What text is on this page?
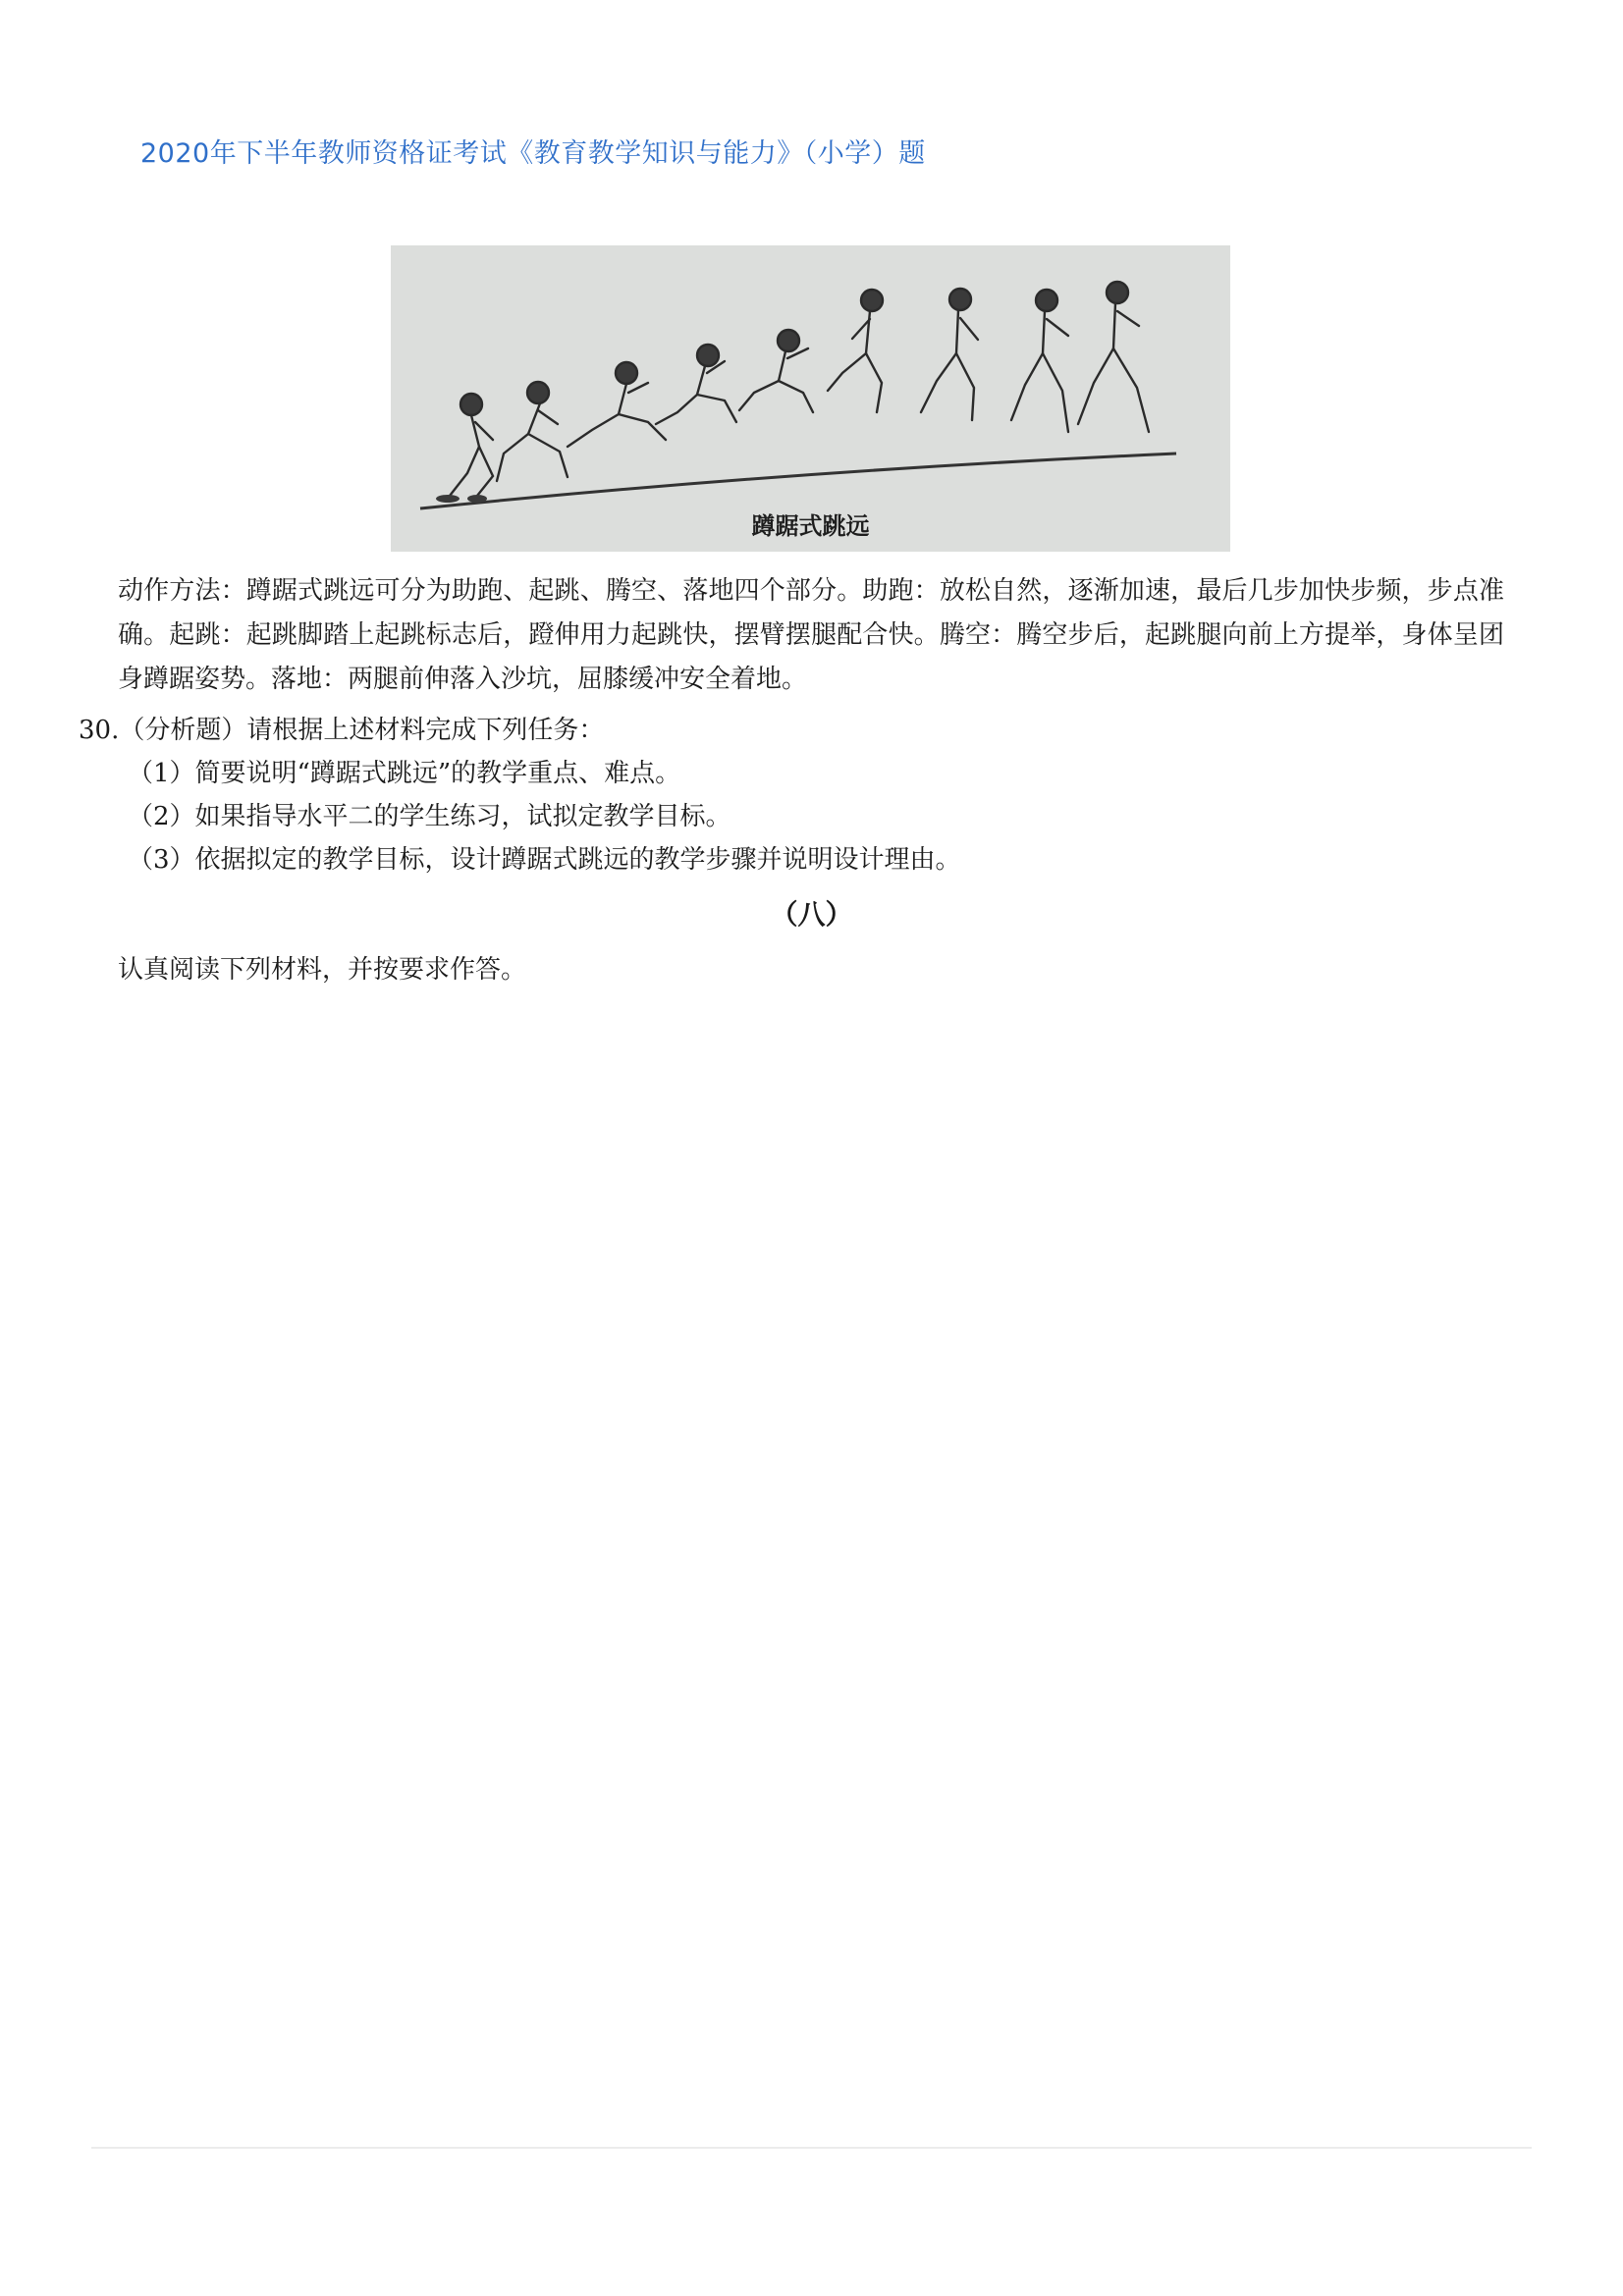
2020年下半年教师资格证考试《教育教学知识与能力》（小学）题
蹲踞式跳远

动作方法：蹲踞式跳远可分为助跑、起跳、腾空、落地四个部分。助跑：放松自然，逐渐加速，最后几步加快步频，步点准确。起跳：起跳脚踏上起跳标志后，蹬伸用力起跳快，摆臂摆腿配合快。腾空：腾空步后，起跳腿向前上方提举，身体呈团身蹲踞姿势。落地：两腿前伸落入沙坑，屈膝缓冲安全着地。

30.（分析题）请根据上述材料完成下列任务：

（1）简要说明“蹲踞式跳远”的教学重点、难点。

（2）如果指导水平二的学生练习，试拟定教学目标。

（3）依据拟定的教学目标，设计蹲踞式跳远的教学步骤并说明设计理由。

（八）

认真阅读下列材料，并按要求作答。
